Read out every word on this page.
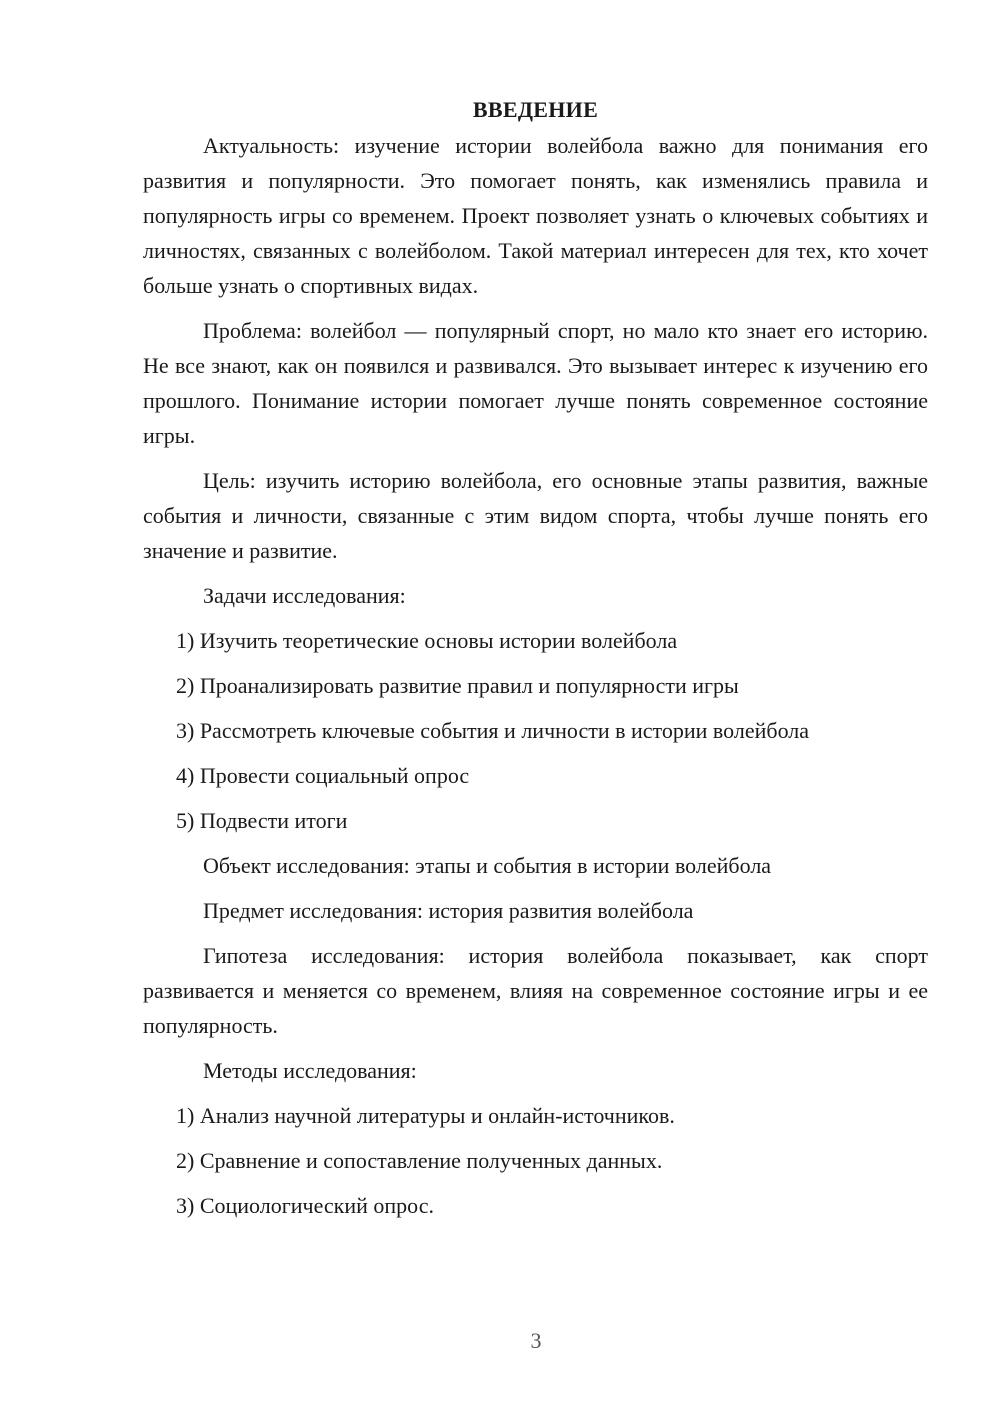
ВВЕДЕНИЕ

Актуальность: изучение истории волейбола важно для понимания его развития и популярности. Это помогает понять, как изменялись правила и популярность игры со временем. Проект позволяет узнать о ключевых событиях и личностях, связанных с волейболом. Такой материал интересен для тех, кто хочет больше узнать о спортивных видах.

Проблема: волейбол — популярный спорт, но мало кто знает его историю. Не все знают, как он появился и развивался. Это вызывает интерес к изучению его прошлого. Понимание истории помогает лучше понять современное состояние игры.

Цель: изучить историю волейбола, его основные этапы развития, важные события и личности, связанные с этим видом спорта, чтобы лучше понять его значение и развитие.

Задачи исследования:

1) Изучить теоретические основы истории волейбола

2) Проанализировать развитие правил и популярности игры

3) Рассмотреть ключевые события и личности в истории волейбола

4) Провести социальный опрос

5) Подвести итоги

Объект исследования: этапы и события в истории волейбола

Предмет исследования: история развития волейбола

Гипотеза исследования: история волейбола показывает, как спорт развивается и меняется со временем, влияя на современное состояние игры и ее популярность.

Методы исследования:

1) Анализ научной литературы и онлайн-источников.

2) Сравнение и сопоставление полученных данных.

3) Социологический опрос.

3
